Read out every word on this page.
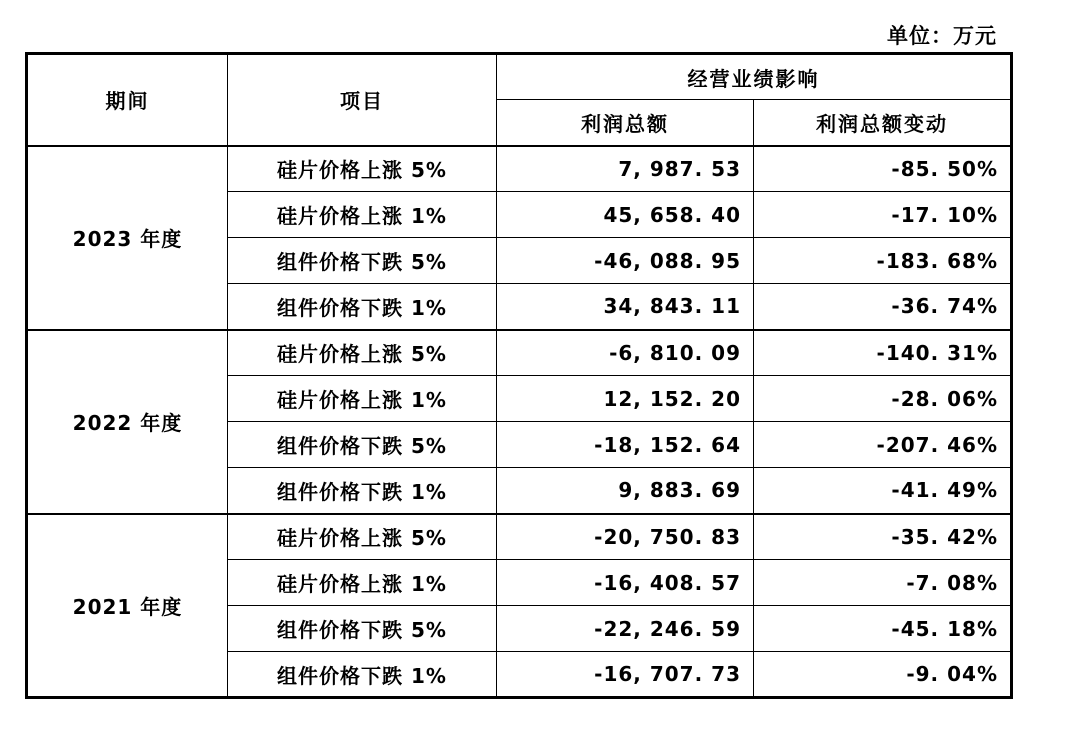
单位：万元
期间	项目	经营业绩影响	
		利润总额	利润总额变动
2023 年度	硅片价格上涨 5%	7, 987. 53	-85. 50%
	硅片价格上涨 1%	45, 658. 40	-17. 10%
	组件价格下跌 5%	-46, 088. 95	-183. 68%
	组件价格下跌 1%	34, 843. 11	-36. 74%
2022 年度	硅片价格上涨 5%	-6, 810. 09	-140. 31%
	硅片价格上涨 1%	12, 152. 20	-28. 06%
	组件价格下跌 5%	-18, 152. 64	-207. 46%
	组件价格下跌 1%	9, 883. 69	-41. 49%
2021 年度	硅片价格上涨 5%	-20, 750. 83	-35. 42%
	硅片价格上涨 1%	-16, 408. 57	-7. 08%
	组件价格下跌 5%	-22, 246. 59	-45. 18%
	组件价格下跌 1%	-16, 707. 73	-9. 04%
